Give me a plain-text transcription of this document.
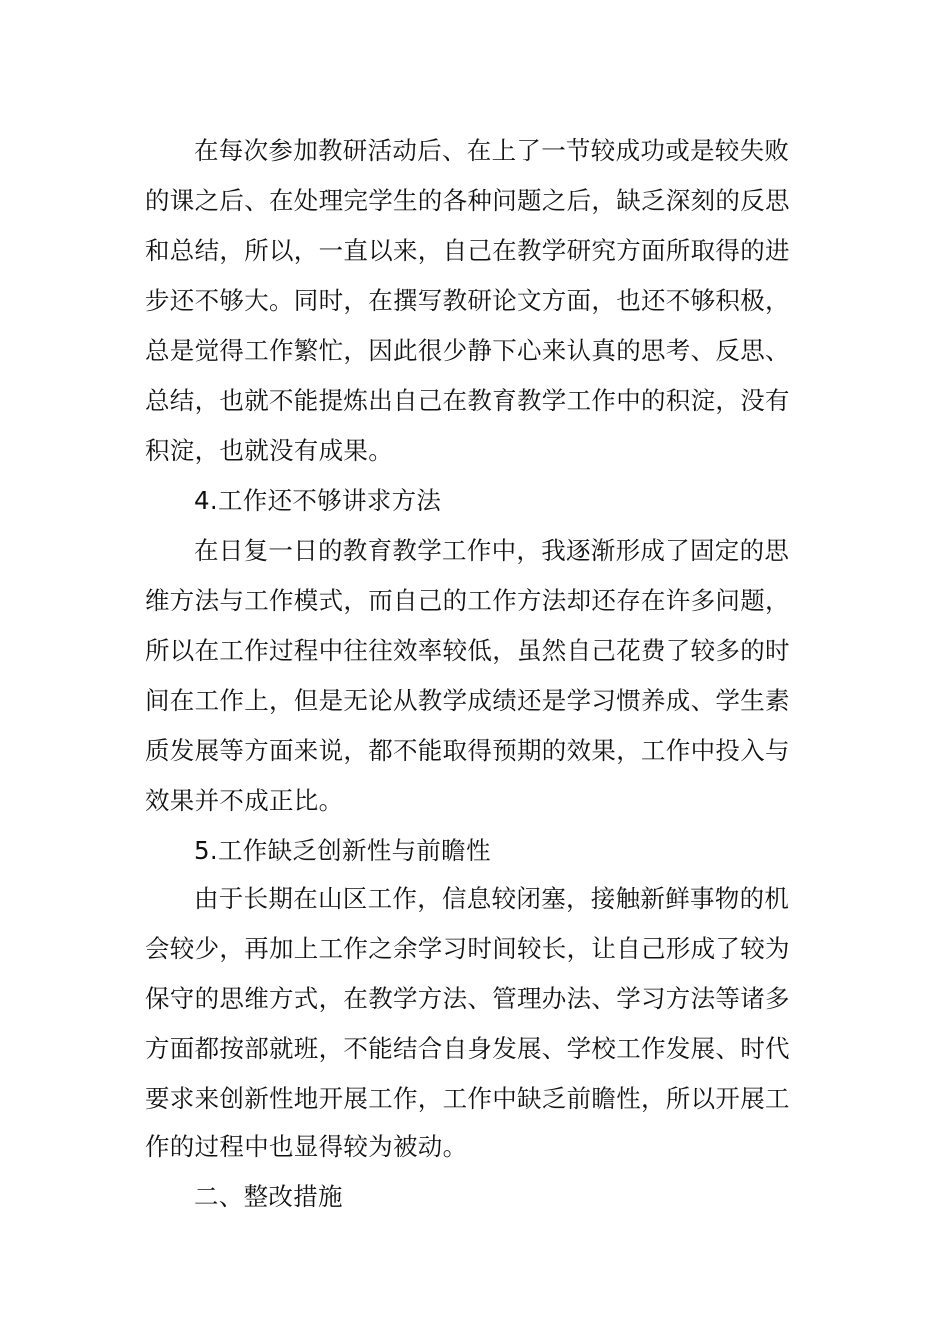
在每次参加教研活动后、在上了一节较成功或是较失败
的课之后、在处理完学生的各种问题之后，缺乏深刻的反思
和总结，所以，一直以来，自己在教学研究方面所取得的进
步还不够大。同时，在撰写教研论文方面，也还不够积极，
总是觉得工作繁忙，因此很少静下心来认真的思考、反思、
总结，也就不能提炼出自己在教育教学工作中的积淀，没有
积淀，也就没有成果。
4.工作还不够讲求方法
在日复一日的教育教学工作中，我逐渐形成了固定的思
维方法与工作模式，而自己的工作方法却还存在许多问题，
所以在工作过程中往往效率较低，虽然自己花费了较多的时
间在工作上，但是无论从教学成绩还是学习惯养成、学生素
质发展等方面来说，都不能取得预期的效果，工作中投入与
效果并不成正比。
5.工作缺乏创新性与前瞻性
由于长期在山区工作，信息较闭塞，接触新鲜事物的机
会较少，再加上工作之余学习时间较长，让自己形成了较为
保守的思维方式，在教学方法、管理办法、学习方法等诸多
方面都按部就班，不能结合自身发展、学校工作发展、时代
要求来创新性地开展工作，工作中缺乏前瞻性，所以开展工
作的过程中也显得较为被动。
二、整改措施
